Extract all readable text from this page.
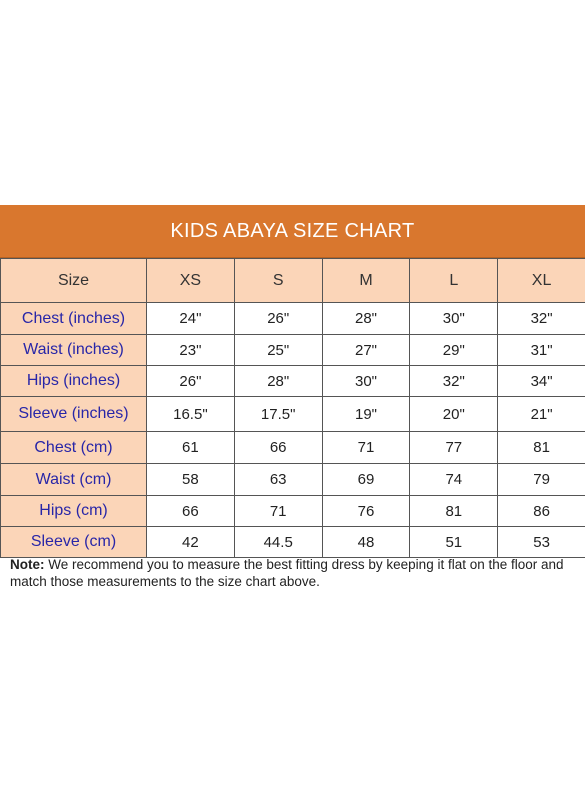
KIDS ABAYA SIZE CHART
Size	XS	S	M	L	XL
Chest (inches)	24"	26"	28"	30"	32"
Waist (inches)	23"	25"	27"	29"	31"
Hips (inches)	26"	28"	30"	32"	34"
Sleeve (inches)	16.5"	17.5"	19"	20"	21"
Chest (cm)	61	66	71	77	81
Waist (cm)	58	63	69	74	79
Hips (cm)	66	71	76	81	86
Sleeve (cm)	42	44.5	48	51	53
Note: We recommend you to measure the best fitting dress by keeping it flat on the floor and match those measurements to the size chart above.
